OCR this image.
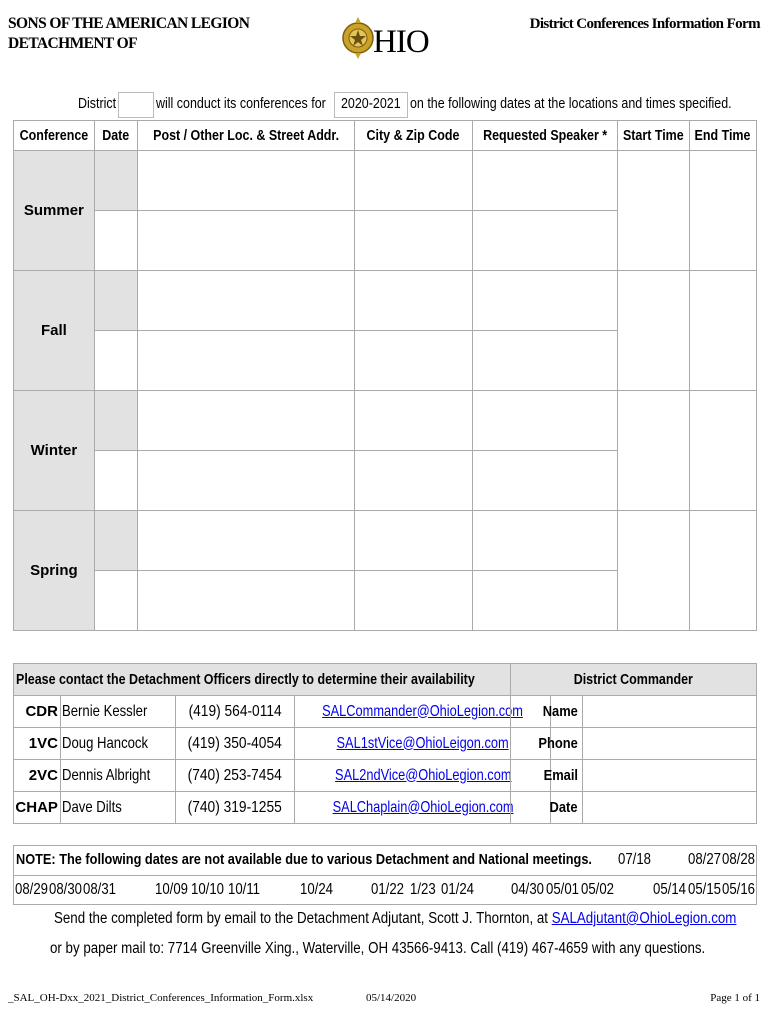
SONS OF THE AMERICAN LEGION
DETACHMENT OF	HIO	District Conferences Information Form
District	will conduct its conferences for 2020-2021 on the following dates at the locations and times specified.
Conference	Date	Post / Other Loc. & Street Addr.	City & Zip Code	Requested Speaker *	Start Time	End Time
Summer						

Fall						

Winter						

Spring						

Please contact the Detachment Officers directly to determine their availability			
CDR	Bernie Kessler	(419) 564-0114	SALCommander@OhioLegion.com
1VC	Doug Hancock	(419) 350-4054	SAL1stVice@OhioLeigon.com
2VC	Dennis Albright	(740) 253-7454	SAL2ndVice@OhioLegion.com
CHAP	Dave Dilts	(740) 319-1255	SALChaplain@OhioLegion.com
District Commander	
Name	
Phone	
Email	
Date	
NOTE: The following dates are not available due to various Detachment and National meetings. 07/18 08/27 08/28
08/29 08/30 08/31	10/09 10/10 10/11	10/24 01/22 1/23 01/24 04/30 05/01 05/02	05/14 05/15 05/16
Send the completed form by email to the Detachment Adjutant, Scott J. Thornton, at SALAdjutant@OhioLegion.com
or by paper mail to: 7714 Greenville Xing., Waterville, OH 43566-9413. Call (419) 467-4659 with any questions.
_SAL_OH-Dxx_2021_District_Conferences_Information_Form.xlsx	05/14/2020	Page 1 of 1
